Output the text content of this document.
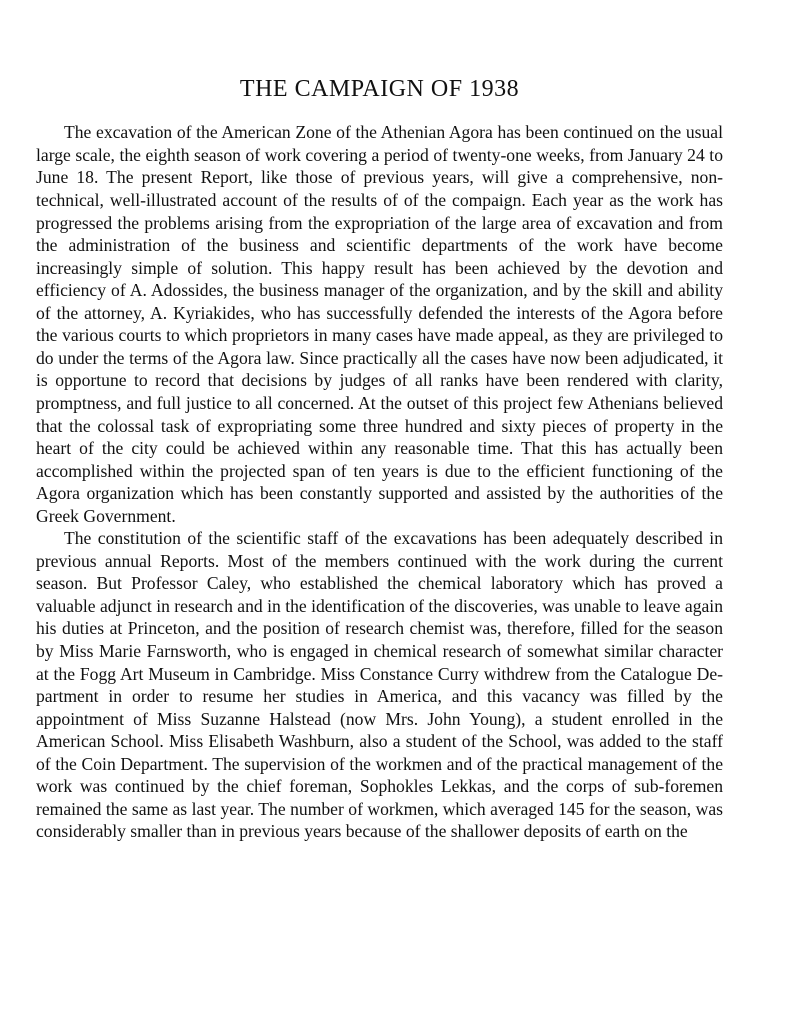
THE CAMPAIGN OF 1938

The excavation of the American Zone of the Athenian Agora has been continued on the usual large scale, the eighth season of work covering a period of twenty-one weeks, from January 24 to June 18. The present Report, like those of previous years, will give a comprehensive, non-technical, well-illustrated account of the results of of the compaign. Each year as the work has progressed the problems arising from the expropriation of the large area of excavation and from the administration of the business and scientific departments of the work have become increasingly simple of solution. This happy result has been achieved by the devotion and efficiency of A. Adossides, the business manager of the organization, and by the skill and ability of the attorney, A. Kyriakides, who has successfully defended the interests of the Agora before the various courts to which proprietors in many cases have made appeal, as they are privileged to do under the terms of the Agora law. Since practically all the cases have now been adjudicated, it is opportune to record that decisions by judges of all ranks have been rendered with clarity, promptness, and full justice to all concerned. At the outset of this project few Athenians believed that the colossal task of expropriating some three hundred and sixty pieces of property in the heart of the city could be achieved within any reasonable time. That this has actually been accomplished within the projected span of ten years is due to the efficient functioning of the Agora organization which has been constantly supported and assisted by the authorities of the Greek Government.

The constitution of the scientific staff of the excavations has been adequately described in previous annual Reports. Most of the members continued with the work during the current season. But Professor Caley, who established the chemical laboratory which has proved a valuable adjunct in research and in the identification of the discoveries, was unable to leave again his duties at Princeton, and the position of research chemist was, therefore, filled for the season by Miss Marie Farnsworth, who is engaged in chemical research of somewhat similar character at the Fogg Art Museum in Cambridge. Miss Constance Curry withdrew from the Catalogue Department in order to resume her studies in America, and this vacancy was filled by the appointment of Miss Suzanne Halstead (now Mrs. John Young), a student enrolled in the American School. Miss Elisabeth Washburn, also a student of the School, was added to the staff of the Coin Department. The supervision of the workmen and of the practical management of the work was continued by the chief foreman, Sophokles Lekkas, and the corps of sub-foremen remained the same as last year. The number of workmen, which averaged 145 for the season, was considerably smaller than in previous years because of the shallower deposits of earth on the
